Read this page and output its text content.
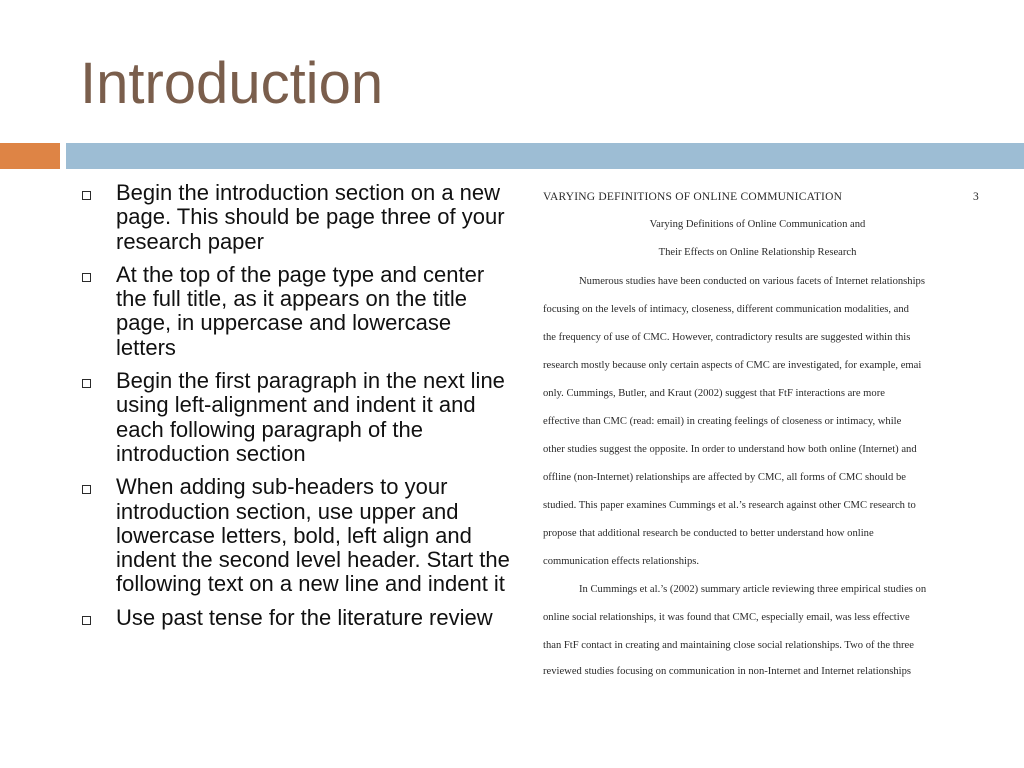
Introduction
Begin the introduction section on a new page. This should be page three of your research paper
At the top of the page type and center the full title, as it appears on the title page, in uppercase and lowercase letters
Begin the first paragraph in the next line using left-alignment and indent it and each following paragraph of the introduction section
When adding sub-headers to your introduction section, use upper and lowercase letters, bold, left align and indent the second level header. Start the following text on a new line and indent it
Use past tense for the literature review
VARYING DEFINITIONS OF ONLINE COMMUNICATION	3
Varying Definitions of Online Communication and
Their Effects on Online Relationship Research
Numerous studies have been conducted on various facets of Internet relationships
focusing on the levels of intimacy, closeness, different communication modalities, and
the frequency of use of CMC. However, contradictory results are suggested within this
research mostly because only certain aspects of CMC are investigated, for example, emai
only. Cummings, Butler, and Kraut (2002) suggest that FtF interactions are more
effective than CMC (read: email) in creating feelings of closeness or intimacy, while
other studies suggest the opposite. In order to understand how both online (Internet) and
offline (non-Internet) relationships are affected by CMC, all forms of CMC should be
studied. This paper examines Cummings et al.’s research against other CMC research to
propose that additional research be conducted to better understand how online
communication effects relationships.
In Cummings et al.’s (2002) summary article reviewing three empirical studies on
online social relationships, it was found that CMC, especially email, was less effective
than FtF contact in creating and maintaining close social relationships. Two of the three
reviewed studies focusing on communication in non-Internet and Internet relationships
